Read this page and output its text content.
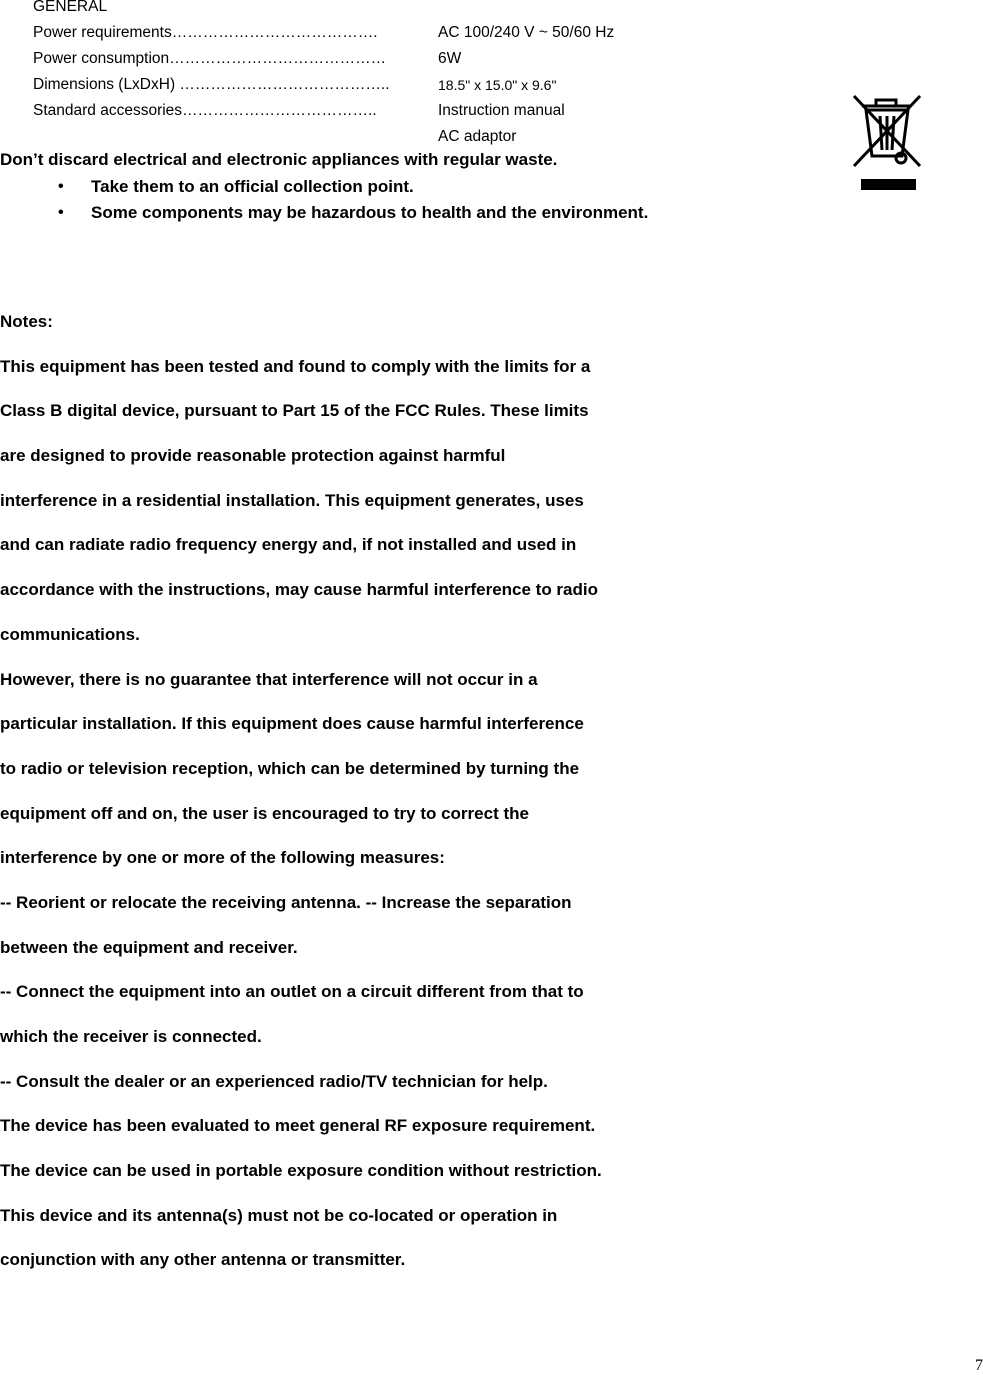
GENERAL
Power requirements………………………………….	AC 100/240 V ~ 50/60 Hz
Power consumption……………………………………	6W
Dimensions (LxDxH) …………………………………..	18.5" x 15.0" x 9.6"
Standard accessories………………………………..	Instruction manual
AC adaptor
Don’t discard electrical and electronic appliances with regular waste.
• Take them to an official collection point.
• Some components may be hazardous to health and the environment.
Notes:
This equipment has been tested and found to comply with the limits for a
Class B digital device, pursuant to Part 15 of the FCC Rules. These limits
are designed to provide reasonable protection against harmful
interference in a residential installation. This equipment generates, uses
and can radiate radio frequency energy and, if not installed and used in
accordance with the instructions, may cause harmful interference to radio
communications.
However, there is no guarantee that interference will not occur in a
particular installation. If this equipment does cause harmful interference
to radio or television reception, which can be determined by turning the
equipment off and on, the user is encouraged to try to correct the
interference by one or more of the following measures:
-- Reorient or relocate the receiving antenna. -- Increase the separation
between the equipment and receiver.
-- Connect the equipment into an outlet on a circuit different from that to
which the receiver is connected.
-- Consult the dealer or an experienced radio/TV technician for help.
The device has been evaluated to meet general RF exposure requirement.
The device can be used in portable exposure condition without restriction.
This device and its antenna(s) must not be co-located or operation in
conjunction with any other antenna or transmitter.
7
